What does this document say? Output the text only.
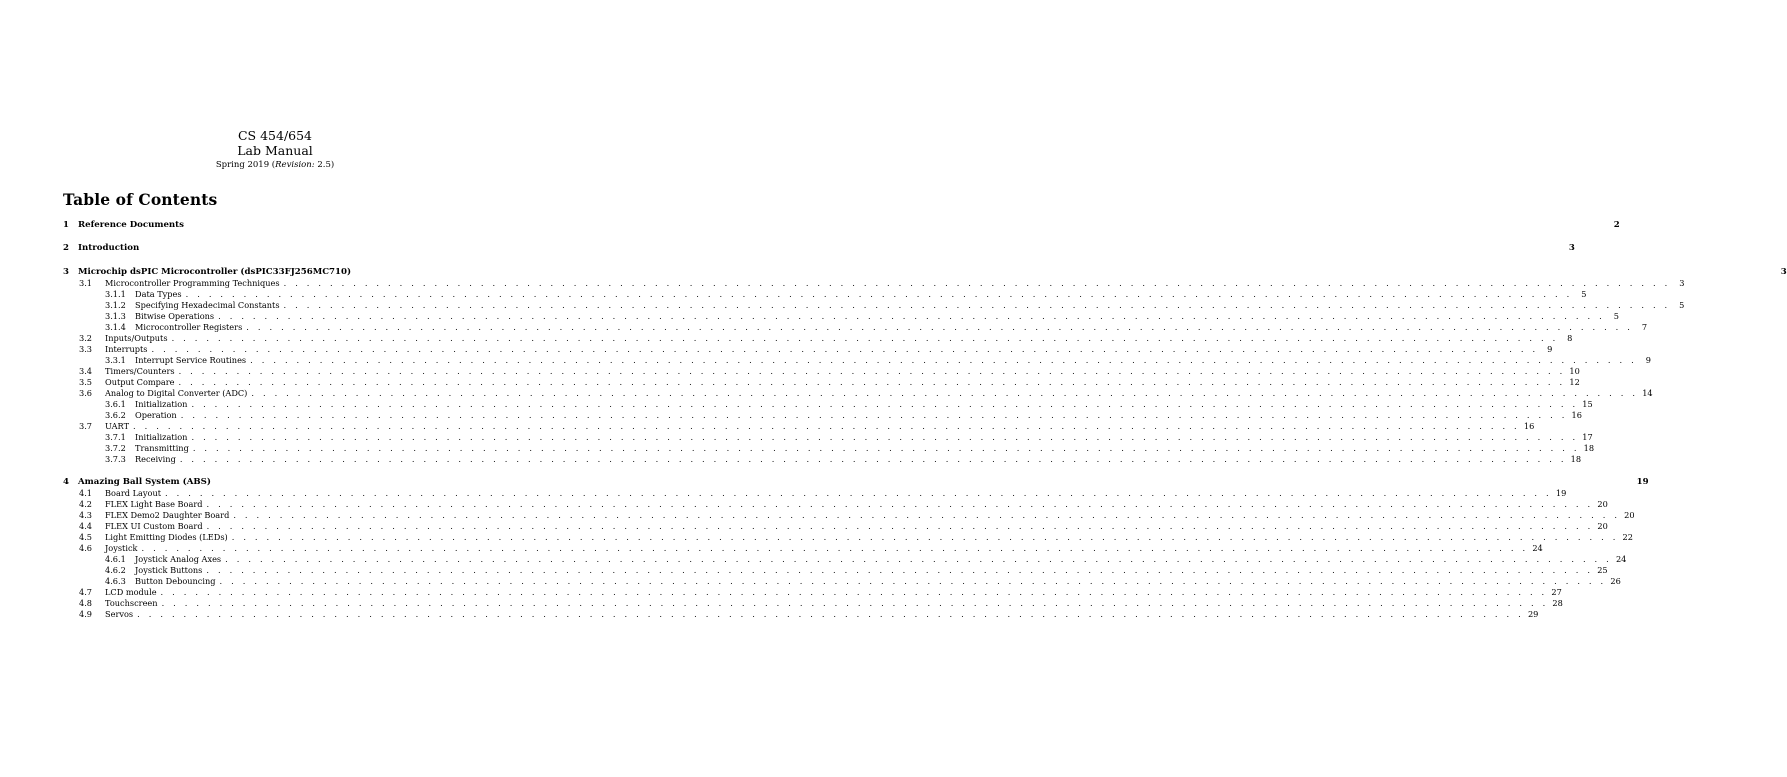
CS 454/654
Lab Manual
Spring 2019 (Revision: 2.5)
Table of Contents
1	Reference Documents	2
2	Introduction	3
3	Microchip dsPIC Microcontroller (dsPIC33FJ256MC710)	3
3.1	Microcontroller Programming Techniques . . . . . . . . . . . . . . . . . . . . . . . . . . . . . . . . . . . . . . . . . . . . . . . . . . . . . . . . . . . . . . . . . . . . . . . . . . . . . . . . . . . . . . . . . . . . . . . . . . . . . . . . . . . . . . . . . . . . . . . .	3
3.1.1	Data Types . . . . . . . . . . . . . . . . . . . . . . . . . . . . . . . . . . . . . . . . . . . . . . . . . . . . . . . . . . . . . . . . . . . . . . . . . . . . . . . . . . . . . . . . . . . . . . . . . . . . . . . . . . . . . . . . . . . . . . . .	5
3.1.2	Specifying Hexadecimal Constants . . . . . . . . . . . . . . . . . . . . . . . . . . . . . . . . . . . . . . . . . . . . . . . . . . . . . . . . . . . . . . . . . . . . . . . . . . . . . . . . . . . . . . . . . . . . . . . . . . . . . . . . . . . . . . . . . . . . . . . .	5
3.1.3	Bitwise Operations . . . . . . . . . . . . . . . . . . . . . . . . . . . . . . . . . . . . . . . . . . . . . . . . . . . . . . . . . . . . . . . . . . . . . . . . . . . . . . . . . . . . . . . . . . . . . . . . . . . . . . . . . . . . . . . . . . . . . . . .	5
3.1.4	Microcontroller Registers . . . . . . . . . . . . . . . . . . . . . . . . . . . . . . . . . . . . . . . . . . . . . . . . . . . . . . . . . . . . . . . . . . . . . . . . . . . . . . . . . . . . . . . . . . . . . . . . . . . . . . . . . . . . . . . . . . . . . . . .	7
3.2	Inputs/Outputs . . . . . . . . . . . . . . . . . . . . . . . . . . . . . . . . . . . . . . . . . . . . . . . . . . . . . . . . . . . . . . . . . . . . . . . . . . . . . . . . . . . . . . . . . . . . . . . . . . . . . . . . . . . . . . . . . . . . . . . .	8
3.3	Interrupts . . . . . . . . . . . . . . . . . . . . . . . . . . . . . . . . . . . . . . . . . . . . . . . . . . . . . . . . . . . . . . . . . . . . . . . . . . . . . . . . . . . . . . . . . . . . . . . . . . . . . . . . . . . . . . . . . . . . . . . .	9
3.3.1	Interrupt Service Routines . . . . . . . . . . . . . . . . . . . . . . . . . . . . . . . . . . . . . . . . . . . . . . . . . . . . . . . . . . . . . . . . . . . . . . . . . . . . . . . . . . . . . . . . . . . . . . . . . . . . . . . . . . . . . . . . . . . . . . . .	9
3.4	Timers/Counters . . . . . . . . . . . . . . . . . . . . . . . . . . . . . . . . . . . . . . . . . . . . . . . . . . . . . . . . . . . . . . . . . . . . . . . . . . . . . . . . . . . . . . . . . . . . . . . . . . . . . . . . . . . . . . . . . . . . . . . . 10
3.5	Output Compare . . . . . . . . . . . . . . . . . . . . . . . . . . . . . . . . . . . . . . . . . . . . . . . . . . . . . . . . . . . . . . . . . . . . . . . . . . . . . . . . . . . . . . . . . . . . . . . . . . . . . . . . . . . . . . . . . . . . . . . . 12
3.6	Analog to Digital Converter (ADC) . . . . . . . . . . . . . . . . . . . . . . . . . . . . . . . . . . . . . . . . . . . . . . . . . . . . . . . . . . . . . . . . . . . . . . . . . . . . . . . . . . . . . . . . . . . . . . . . . . . . . . . . . . . . . . . . . . . . . . . . 14
3.6.1	Initialization . . . . . . . . . . . . . . . . . . . . . . . . . . . . . . . . . . . . . . . . . . . . . . . . . . . . . . . . . . . . . . . . . . . . . . . . . . . . . . . . . . . . . . . . . . . . . . . . . . . . . . . . . . . . . . . . . . . . . . . . 15
3.6.2	Operation . . . . . . . . . . . . . . . . . . . . . . . . . . . . . . . . . . . . . . . . . . . . . . . . . . . . . . . . . . . . . . . . . . . . . . . . . . . . . . . . . . . . . . . . . . . . . . . . . . . . . . . . . . . . . . . . . . . . . . . . 16
3.7	UART . . . . . . . . . . . . . . . . . . . . . . . . . . . . . . . . . . . . . . . . . . . . . . . . . . . . . . . . . . . . . . . . . . . . . . . . . . . . . . . . . . . . . . . . . . . . . . . . . . . . . . . . . . . . . . . . . . . . . . . . 16
3.7.1	Initialization . . . . . . . . . . . . . . . . . . . . . . . . . . . . . . . . . . . . . . . . . . . . . . . . . . . . . . . . . . . . . . . . . . . . . . . . . . . . . . . . . . . . . . . . . . . . . . . . . . . . . . . . . . . . . . . . . . . . . . . . 17
3.7.2	Transmitting . . . . . . . . . . . . . . . . . . . . . . . . . . . . . . . . . . . . . . . . . . . . . . . . . . . . . . . . . . . . . . . . . . . . . . . . . . . . . . . . . . . . . . . . . . . . . . . . . . . . . . . . . . . . . . . . . . . . . . . . 18
3.7.3	Receiving . . . . . . . . . . . . . . . . . . . . . . . . . . . . . . . . . . . . . . . . . . . . . . . . . . . . . . . . . . . . . . . . . . . . . . . . . . . . . . . . . . . . . . . . . . . . . . . . . . . . . . . . . . . . . . . . . . . . . . . . 18
4	Amazing Ball System (ABS)	19
4.1	Board Layout . . . . . . . . . . . . . . . . . . . . . . . . . . . . . . . . . . . . . . . . . . . . . . . . . . . . . . . . . . . . . . . . . . . . . . . . . . . . . . . . . . . . . . . . . . . . . . . . . . . . . . . . . . . . . . . . . . . . . . . . 19
4.2	FLEX Light Base Board . . . . . . . . . . . . . . . . . . . . . . . . . . . . . . . . . . . . . . . . . . . . . . . . . . . . . . . . . . . . . . . . . . . . . . . . . . . . . . . . . . . . . . . . . . . . . . . . . . . . . . . . . . . . . . . . . . . . . . . . 20
4.3	FLEX Demo2 Daughter Board . . . . . . . . . . . . . . . . . . . . . . . . . . . . . . . . . . . . . . . . . . . . . . . . . . . . . . . . . . . . . . . . . . . . . . . . . . . . . . . . . . . . . . . . . . . . . . . . . . . . . . . . . . . . . . . . . . . . . . . . 20
4.4	FLEX UI Custom Board . . . . . . . . . . . . . . . . . . . . . . . . . . . . . . . . . . . . . . . . . . . . . . . . . . . . . . . . . . . . . . . . . . . . . . . . . . . . . . . . . . . . . . . . . . . . . . . . . . . . . . . . . . . . . . . . . . . . . . . . 20
4.5	Light Emitting Diodes (LEDs) . . . . . . . . . . . . . . . . . . . . . . . . . . . . . . . . . . . . . . . . . . . . . . . . . . . . . . . . . . . . . . . . . . . . . . . . . . . . . . . . . . . . . . . . . . . . . . . . . . . . . . . . . . . . . . . . . . . . . . . . 22
4.6	Joystick . . . . . . . . . . . . . . . . . . . . . . . . . . . . . . . . . . . . . . . . . . . . . . . . . . . . . . . . . . . . . . . . . . . . . . . . . . . . . . . . . . . . . . . . . . . . . . . . . . . . . . . . . . . . . . . . . . . . . . . . 24
4.6.1	Joystick Analog Axes . . . . . . . . . . . . . . . . . . . . . . . . . . . . . . . . . . . . . . . . . . . . . . . . . . . . . . . . . . . . . . . . . . . . . . . . . . . . . . . . . . . . . . . . . . . . . . . . . . . . . . . . . . . . . . . . . . . . . . . . 24
4.6.2	Joystick Buttons . . . . . . . . . . . . . . . . . . . . . . . . . . . . . . . . . . . . . . . . . . . . . . . . . . . . . . . . . . . . . . . . . . . . . . . . . . . . . . . . . . . . . . . . . . . . . . . . . . . . . . . . . . . . . . . . . . . . . . . . 25
4.6.3	Button Debouncing . . . . . . . . . . . . . . . . . . . . . . . . . . . . . . . . . . . . . . . . . . . . . . . . . . . . . . . . . . . . . . . . . . . . . . . . . . . . . . . . . . . . . . . . . . . . . . . . . . . . . . . . . . . . . . . . . . . . . . . . 26
4.7	LCD module . . . . . . . . . . . . . . . . . . . . . . . . . . . . . . . . . . . . . . . . . . . . . . . . . . . . . . . . . . . . . . . . . . . . . . . . . . . . . . . . . . . . . . . . . . . . . . . . . . . . . . . . . . . . . . . . . . . . . . . . 27
4.8	Touchscreen . . . . . . . . . . . . . . . . . . . . . . . . . . . . . . . . . . . . . . . . . . . . . . . . . . . . . . . . . . . . . . . . . . . . . . . . . . . . . . . . . . . . . . . . . . . . . . . . . . . . . . . . . . . . . . . . . . . . . . . . 28
4.9	Servos . . . . . . . . . . . . . . . . . . . . . . . . . . . . . . . . . . . . . . . . . . . . . . . . . . . . . . . . . . . . . . . . . . . . . . . . . . . . . . . . . . . . . . . . . . . . . . . . . . . . . . . . . . . . . . . . . . . . . . . . 29
